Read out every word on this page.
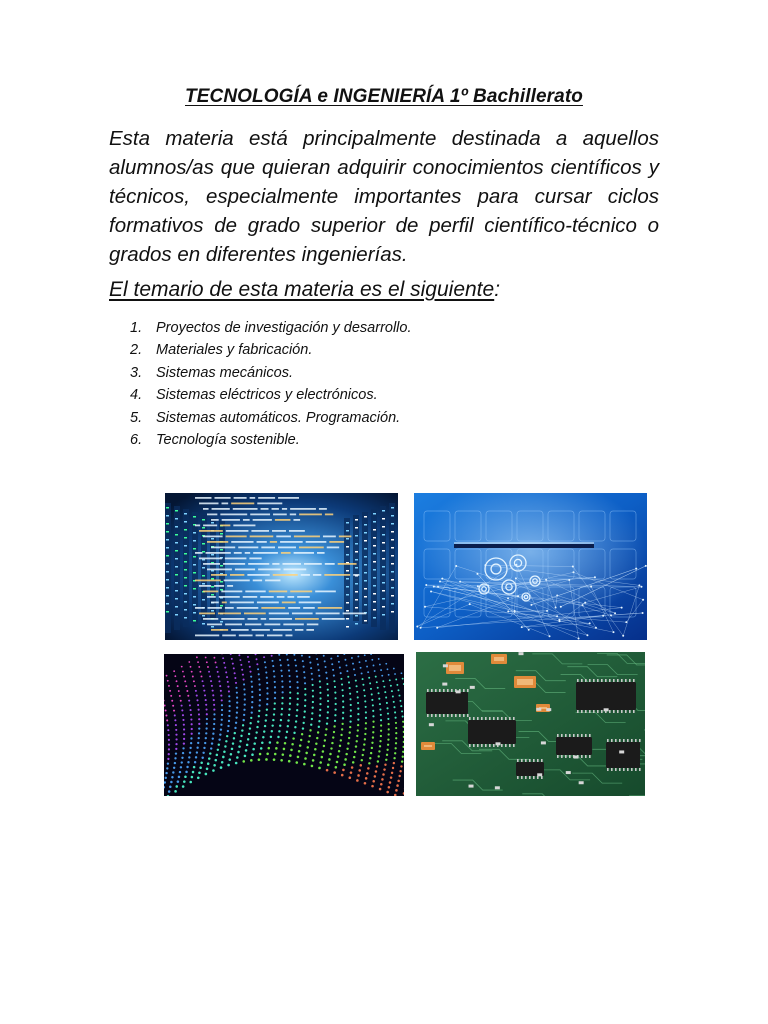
TECNOLOGÍA e INGENIERÍA 1º Bachillerato

Esta materia está principalmente destinada a aquellos alumnos/as que quieran adquirir conocimientos científicos y técnicos, especialmente importantes para cursar ciclos formativos de grado superior de perfil científico-técnico o grados en diferentes ingenierías.

El temario de esta materia es el siguiente:

1. Proyectos de investigación y desarrollo.
2. Materiales y fabricación.
3. Sistemas mecánicos.
4. Sistemas eléctricos y electrónicos.
5. Sistemas automáticos. Programación.
6. Tecnología sostenible.
